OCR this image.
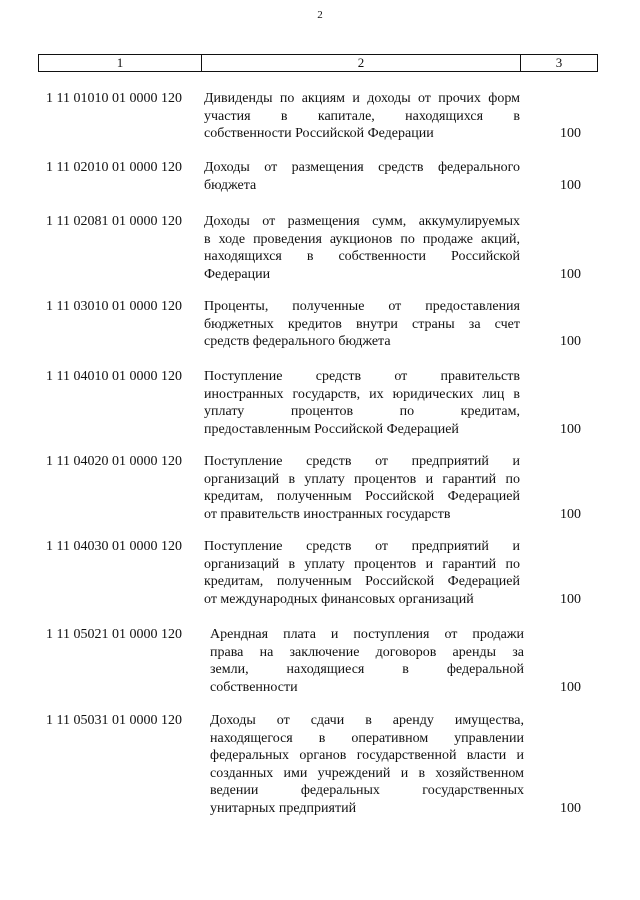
2
1	2	3
1 11 01010 01 0000 120 Дивиденды по акциям и доходы от прочих форм
участия в капитале, находящихся в
собственности Российской Федерации	100
1 11 02010 01 0000 120 Доходы от размещения средств федерального
бюджета	100
1 11 02081 01 0000 120 Доходы от размещения сумм, аккумулируемых
в ходе проведения аукционов по продаже акций,
находящихся в собственности Российской
Федерации	100
1 11 03010 01 0000 120 Проценты, полученные от предоставления
бюджетных кредитов внутри страны за счет
средств федерального бюджета	100
1 11 04010 01 0000 120 Поступление средств от правительств
иностранных государств, их юридических лиц в
уплату процентов по кредитам,
предоставленным Российской Федерацией	100
1 11 04020 01 0000 120 Поступление средств от предприятий и
организаций в уплату процентов и гарантий по
кредитам, полученным Российской Федерацией
от правительств иностранных государств	100
1 11 04030 01 0000 120 Поступление средств от предприятий и
организаций в уплату процентов и гарантий по
кредитам, полученным Российской Федерацией
от международных финансовых организаций	100
1 11 05021 01 0000 120 Арендная плата и поступления от продажи
права на заключение договоров аренды за
земли, находящиеся в федеральной
собственности	100
1 11 05031 01 0000 120 Доходы от сдачи в аренду имущества,
находящегося в оперативном управлении
федеральных органов государственной власти и
созданных ими учреждений и в хозяйственном
ведении федеральных государственных
унитарных предприятий	100
